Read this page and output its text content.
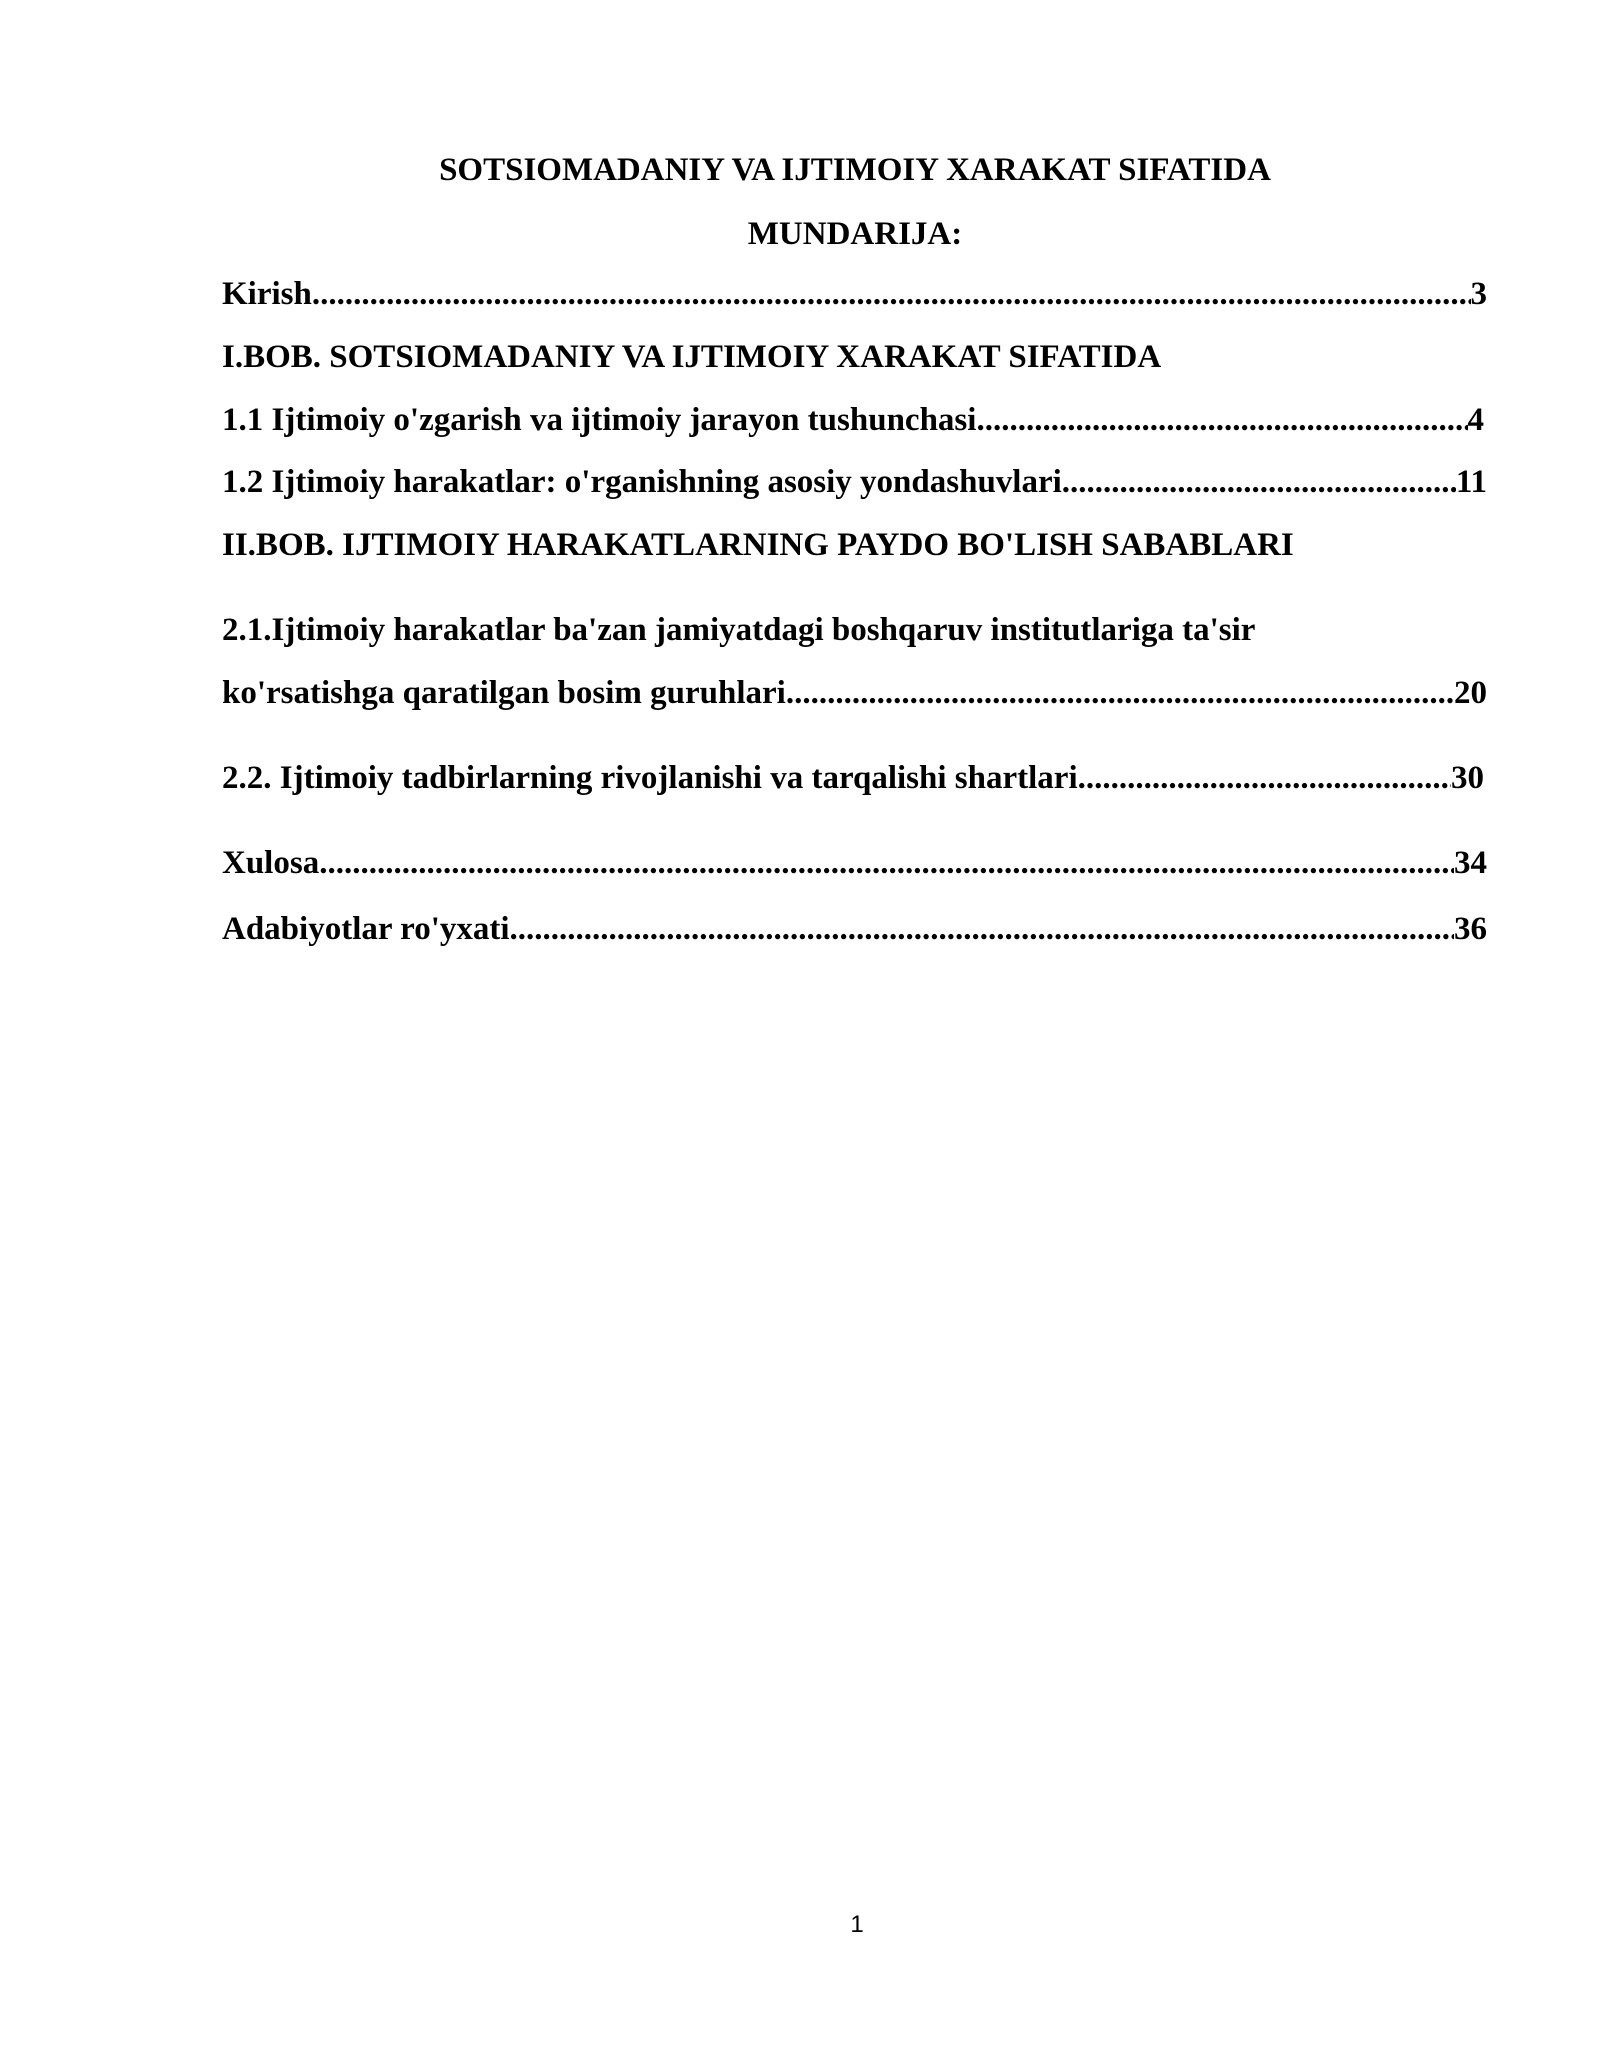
SOTSIOMADANIY VA IJTIMOIY XARAKAT SIFATIDA
MUNDARIJA:
Kirish .....	3
I.BOB. SOTSIOMADANIY VA IJTIMOIY XARAKAT SIFATIDA
1.1 Ijtimoiy o'zgarish va ijtimoiy jarayon tushunchasi .....	4
1.2 Ijtimoiy harakatlar: o'rganishning asosiy yondashuvlari .....	11
II.BOB. IJTIMOIY HARAKATLARNING PAYDO BO'LISH SABABLARI
2.1.Ijtimoiy harakatlar ba'zan jamiyatdagi boshqaruv institutlariga ta'sir
ko'rsatishga qaratilgan bosim guruhlari .....	20
2.2. Ijtimoiy tadbirlarning rivojlanishi va tarqalishi shartlari .....	30
Xulosa .....	34
Adabiyotlar ro'yxati .....	36
1
